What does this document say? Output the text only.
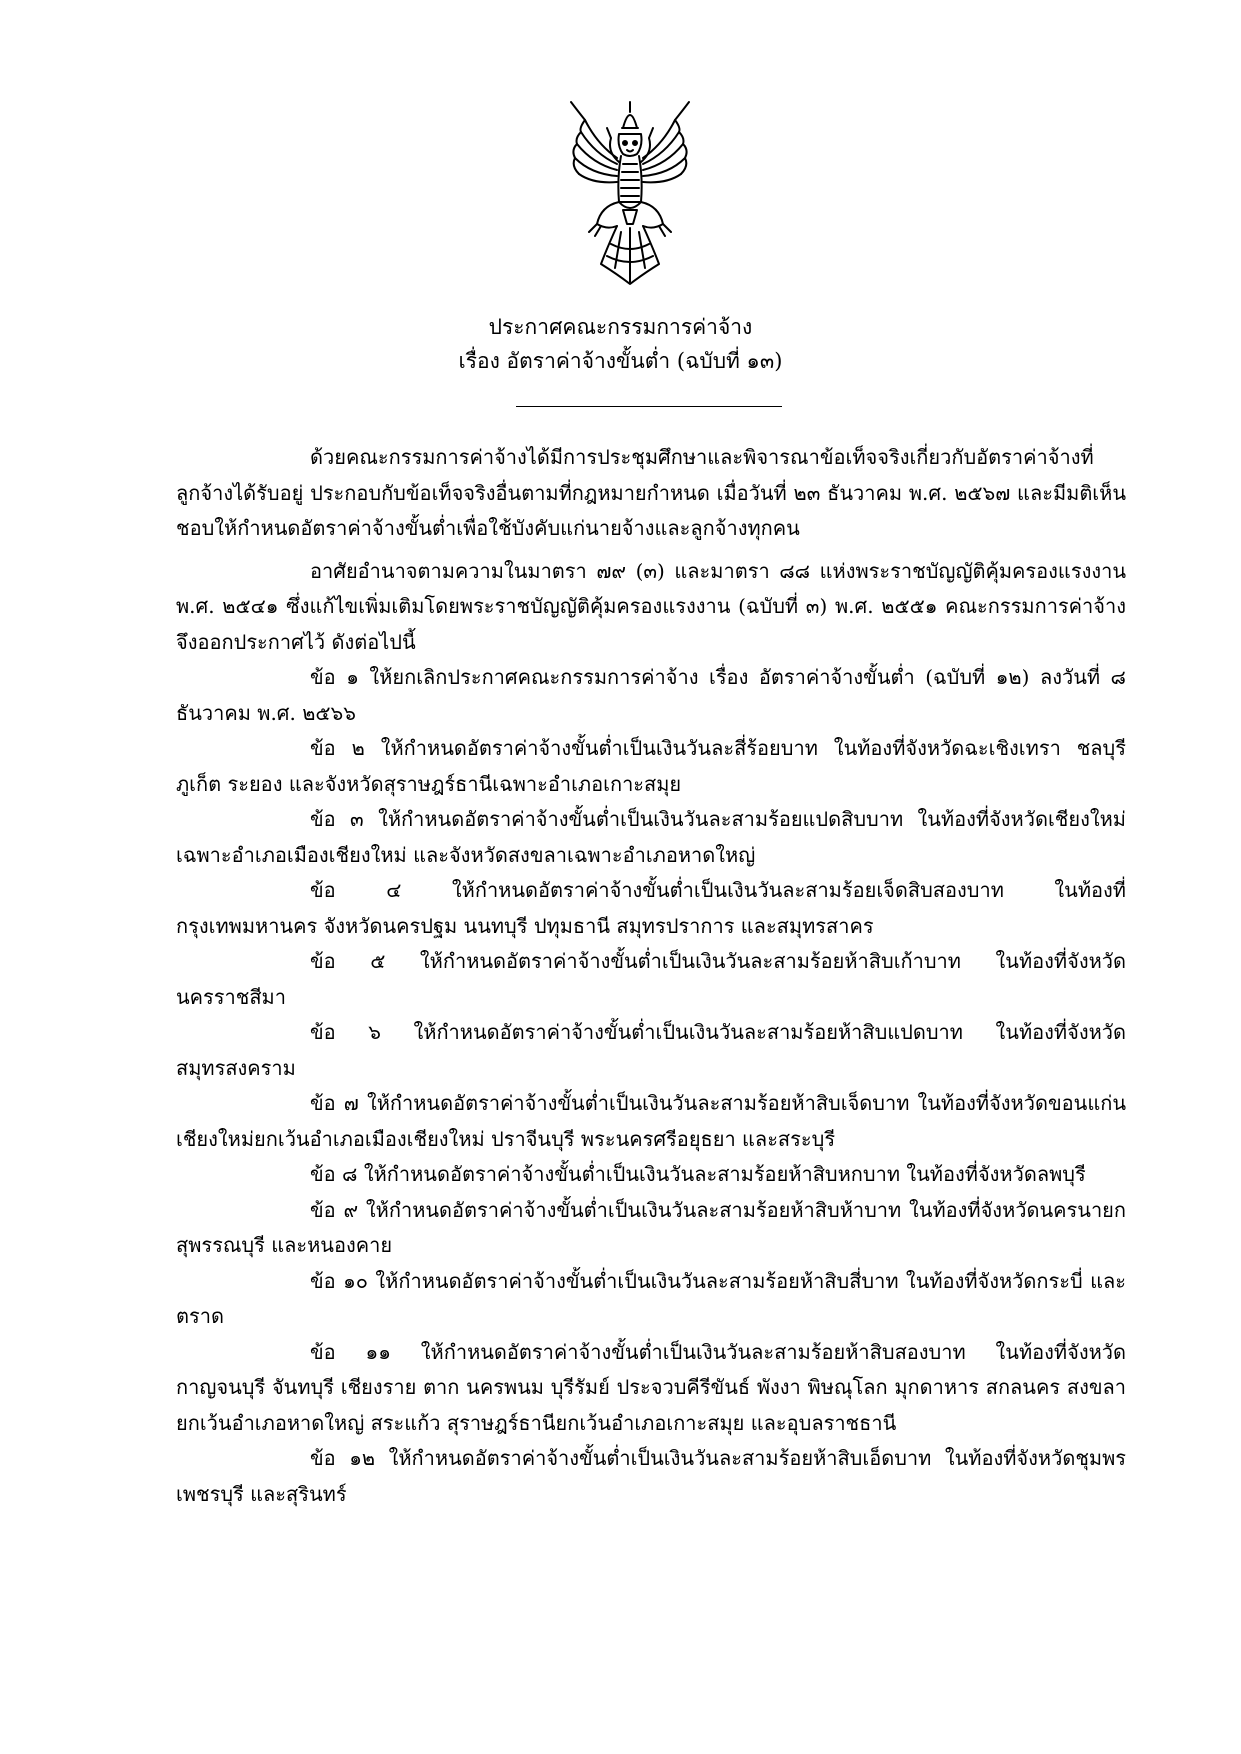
ประกาศคณะกรรมการค่าจ้าง
เรื่อง อัตราค่าจ้างขั้นต่ำ (ฉบับที่ ๑๓)

ด้วยคณะกรรมการค่าจ้างได้มีการประชุมศึกษาและพิจารณาข้อเท็จจริงเกี่ยวกับอัตราค่าจ้างที่ลูกจ้างได้รับอยู่ ประกอบกับข้อเท็จจริงอื่นตามที่กฎหมายกำหนด เมื่อวันที่ ๒๓ ธันวาคม พ.ศ. ๒๕๖๗ และมีมติเห็นชอบให้กำหนดอัตราค่าจ้างขั้นต่ำเพื่อใช้บังคับแก่นายจ้างและลูกจ้างทุกคน

อาศัยอำนาจตามความในมาตรา ๗๙ (๓) และมาตรา ๘๘ แห่งพระราชบัญญัติคุ้มครองแรงงาน พ.ศ. ๒๕๔๑ ซึ่งแก้ไขเพิ่มเติมโดยพระราชบัญญัติคุ้มครองแรงงาน (ฉบับที่ ๓) พ.ศ. ๒๕๕๑ คณะกรรมการค่าจ้างจึงออกประกาศไว้ ดังต่อไปนี้

ข้อ ๑ ให้ยกเลิกประกาศคณะกรรมการค่าจ้าง เรื่อง อัตราค่าจ้างขั้นต่ำ (ฉบับที่ ๑๒) ลงวันที่ ๘ ธันวาคม พ.ศ. ๒๕๖๖

ข้อ ๒ ให้กำหนดอัตราค่าจ้างขั้นต่ำเป็นเงินวันละสี่ร้อยบาท ในท้องที่จังหวัดฉะเชิงเทรา ชลบุรี ภูเก็ต ระยอง และจังหวัดสุราษฎร์ธานีเฉพาะอำเภอเกาะสมุย

ข้อ ๓ ให้กำหนดอัตราค่าจ้างขั้นต่ำเป็นเงินวันละสามร้อยแปดสิบบาท ในท้องที่จังหวัดเชียงใหม่เฉพาะอำเภอเมืองเชียงใหม่ และจังหวัดสงขลาเฉพาะอำเภอหาดใหญ่

ข้อ ๔ ให้กำหนดอัตราค่าจ้างขั้นต่ำเป็นเงินวันละสามร้อยเจ็ดสิบสองบาท ในท้องที่กรุงเทพมหานคร จังหวัดนครปฐม นนทบุรี ปทุมธานี สมุทรปราการ และสมุทรสาคร

ข้อ ๕ ให้กำหนดอัตราค่าจ้างขั้นต่ำเป็นเงินวันละสามร้อยห้าสิบเก้าบาท ในท้องที่จังหวัดนครราชสีมา

ข้อ ๖ ให้กำหนดอัตราค่าจ้างขั้นต่ำเป็นเงินวันละสามร้อยห้าสิบแปดบาท ในท้องที่จังหวัดสมุทรสงคราม

ข้อ ๗ ให้กำหนดอัตราค่าจ้างขั้นต่ำเป็นเงินวันละสามร้อยห้าสิบเจ็ดบาท ในท้องที่จังหวัดขอนแก่น เชียงใหม่ยกเว้นอำเภอเมืองเชียงใหม่ ปราจีนบุรี พระนครศรีอยุธยา และสระบุรี

ข้อ ๘ ให้กำหนดอัตราค่าจ้างขั้นต่ำเป็นเงินวันละสามร้อยห้าสิบหกบาท ในท้องที่จังหวัดลพบุรี

ข้อ ๙ ให้กำหนดอัตราค่าจ้างขั้นต่ำเป็นเงินวันละสามร้อยห้าสิบห้าบาท ในท้องที่จังหวัดนครนายก สุพรรณบุรี และหนองคาย

ข้อ ๑๐ ให้กำหนดอัตราค่าจ้างขั้นต่ำเป็นเงินวันละสามร้อยห้าสิบสี่บาท ในท้องที่จังหวัดกระบี่ และตราด

ข้อ ๑๑ ให้กำหนดอัตราค่าจ้างขั้นต่ำเป็นเงินวันละสามร้อยห้าสิบสองบาท ในท้องที่จังหวัดกาญจนบุรี จันทบุรี เชียงราย ตาก นครพนม บุรีรัมย์ ประจวบคีรีขันธ์ พังงา พิษณุโลก มุกดาหาร สกลนคร สงขลายกเว้นอำเภอหาดใหญ่ สระแก้ว สุราษฎร์ธานียกเว้นอำเภอเกาะสมุย และอุบลราชธานี

ข้อ ๑๒ ให้กำหนดอัตราค่าจ้างขั้นต่ำเป็นเงินวันละสามร้อยห้าสิบเอ็ดบาท ในท้องที่จังหวัดชุมพร เพชรบุรี และสุรินทร์
